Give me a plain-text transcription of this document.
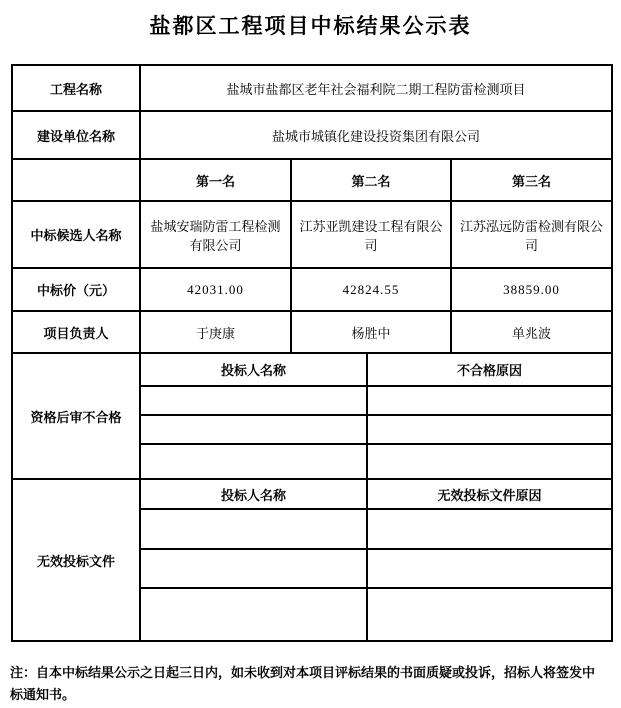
盐都区工程项目中标结果公示表
工程名称	盐城市盐都区老年社会福利院二期工程防雷检测项目			
建设单位名称	盐城市城镇化建设投资集团有限公司			
	第一名	第二名		第三名
中标候选人名称	盐城安瑞防雷工程检测有限公司	江苏亚凯建设工程有限公司		江苏泓远防雷检测有限公司
中标价（元）	42031.00	42824.55		38859.00
项目负责人	于庚康	杨胜中		单兆波
资格后审不合格	投标人名称		不合格原因	

无效投标文件	投标人名称		无效投标文件原因	

注：自本中标结果公示之日起三日内，如未收到对本项目评标结果的书面质疑或投诉，招标人将签发中标通知书。
